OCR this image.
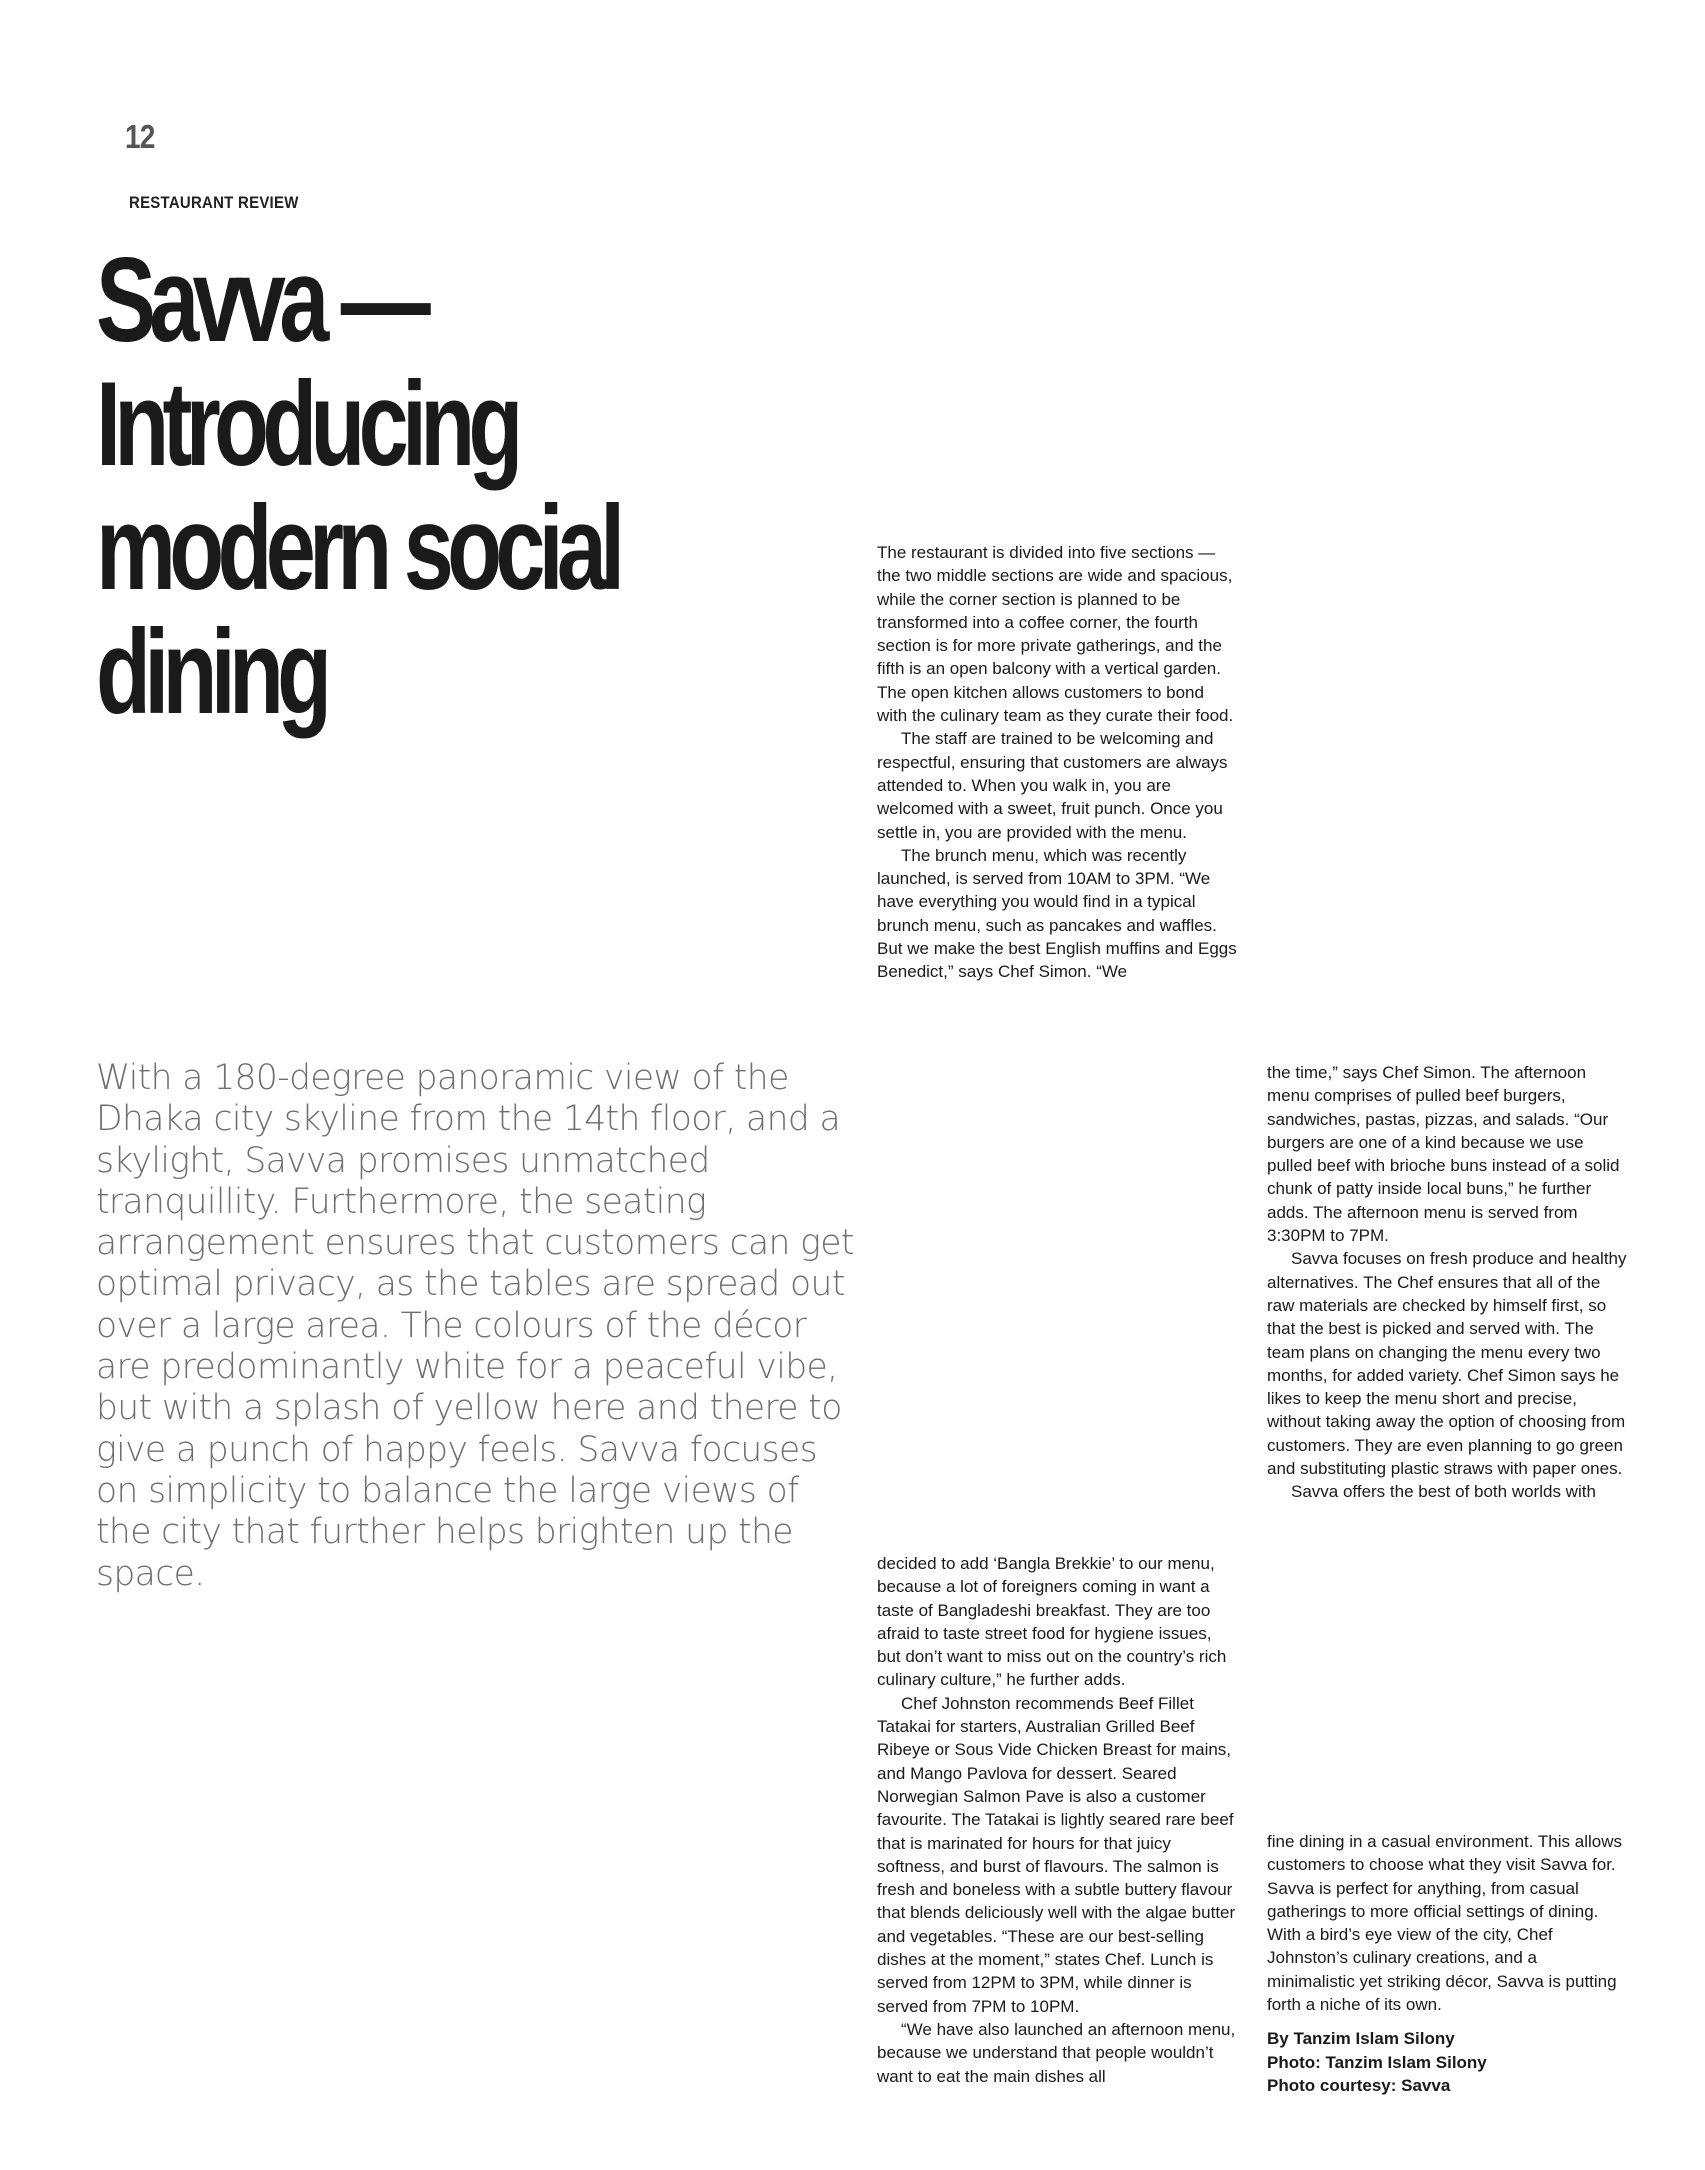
12
RESTAURANT REVIEW
Savva — Introducing
modern social dining

With a 180-degree panoramic view of the Dhaka city skyline from the 14th floor, and a skylight, Savva promises unmatched tranquillity. Furthermore, the seating arrangement ensures that customers can get optimal privacy, as the tables are spread out over a large area. The colours of the décor are predominantly white for a peaceful vibe, but with a splash of yellow here and there to give a punch of happy feels. Savva focuses on simplicity to balance the large views of the city that further helps brighten up the space.

The restaurant is divided into five sections — the two middle sections are wide and spacious, while the corner section is planned to be transformed into a coffee corner, the fourth section is for more private gatherings, and the fifth is an open balcony with a vertical garden. The open kitchen allows customers to bond with the culinary team as they curate their food.

The staff are trained to be welcoming and respectful, ensuring that customers are always attended to. When you walk in, you are welcomed with a sweet, fruit punch. Once you settle in, you are provided with the menu.

The brunch menu, which was recently launched, is served from 10AM to 3PM. “We have everything you would find in a typical brunch menu, such as pancakes and waffles. But we make the best English muffins and Eggs Benedict,” says Chef Simon. “We

the time,” says Chef Simon. The afternoon menu comprises of pulled beef burgers, sandwiches, pastas, pizzas, and salads. “Our burgers are one of a kind because we use pulled beef with brioche buns instead of a solid chunk of patty inside local buns,” he further adds. The afternoon menu is served from 3:30PM to 7PM.

Savva focuses on fresh produce and healthy alternatives. The Chef ensures that all of the raw materials are checked by himself first, so that the best is picked and served with. The team plans on changing the menu every two months, for added variety. Chef Simon says he likes to keep the menu short and precise, without taking away the option of choosing from customers. They are even planning to go green and substituting plastic straws with paper ones.

Savva offers the best of both worlds with

decided to add ‘Bangla Brekkie’ to our menu, because a lot of foreigners coming in want a taste of Bangladeshi breakfast. They are too afraid to taste street food for hygiene issues, but don’t want to miss out on the country’s rich culinary culture,” he further adds.

Chef Johnston recommends Beef Fillet Tatakai for starters, Australian Grilled Beef Ribeye or Sous Vide Chicken Breast for mains, and Mango Pavlova for dessert. Seared Norwegian Salmon Pave is also a customer favourite. The Tatakai is lightly seared rare beef that is marinated for hours for that juicy softness, and burst of flavours. The salmon is fresh and boneless with a subtle buttery flavour that blends deliciously well with the algae butter and vegetables. “These are our best-selling dishes at the moment,” states Chef. Lunch is served from 12PM to 3PM, while dinner is served from 7PM to 10PM.

“We have also launched an afternoon menu, because we understand that people wouldn’t want to eat the main dishes all

fine dining in a casual environment. This allows customers to choose what they visit Savva for. Savva is perfect for anything, from casual gatherings to more official settings of dining. With a bird’s eye view of the city, Chef Johnston’s culinary creations, and a minimalistic yet striking décor, Savva is putting forth a niche of its own.

By Tanzim Islam Silony
Photo: Tanzim Islam Silony
Photo courtesy: Savva
